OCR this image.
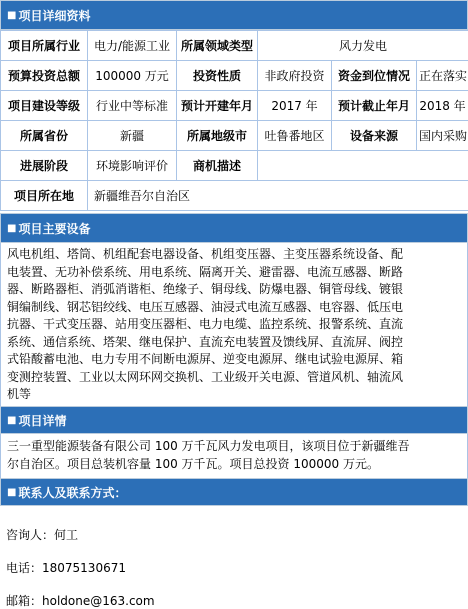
■ 项目详细资料
项目所属行业	电力/能源工业	所属领域类型	风力发电		
预算投资总额	100000 万元	投资性质	非政府投资	资金到位情况	正在落实
项目建设等级	行业中等标准	预计开建年月	2017 年	预计截止年月	2018 年
所属省份	新疆	所属地级市	吐鲁番地区	设备来源	国内采购
进展阶段	环境影响评价	商机描述			
项目所在地	新疆维吾尔自治区				
■ 项目主要设备
风电机组、塔筒、机组配套电器设备、机组变压器、主变压器系统设备、配
电装置、无功补偿系统、用电系统、隔离开关、避雷器、电流互感器、断路
器、断路器柜、消弧消谐柜、绝缘子、铜母线、防爆电器、铜管母线、镀银
铜编制线、钢芯铝绞线、电压互感器、油浸式电流互感器、电容器、低压电
抗器、干式变压器、站用变压器柜、电力电缆、监控系统、报警系统、直流
系统、通信系统、塔架、继电保护、直流充电装置及馈线屏、直流屏、阀控
式铅酸蓄电池、电力专用不间断电源屏、逆变电源屏、继电试验电源屏、箱
变测控装置、工业以太网环网交换机、工业级开关电源、管道风机、轴流风
机等
■ 项目详情
三一重型能源装备有限公司 100 万千瓦风力发电项目，该项目位于新疆维吾
尔自治区。项目总装机容量 100 万千瓦。项目总投资 100000 万元。
■ 联系人及联系方式：
咨询人：何工
电话：18075130671
邮箱：holdone@163.com
